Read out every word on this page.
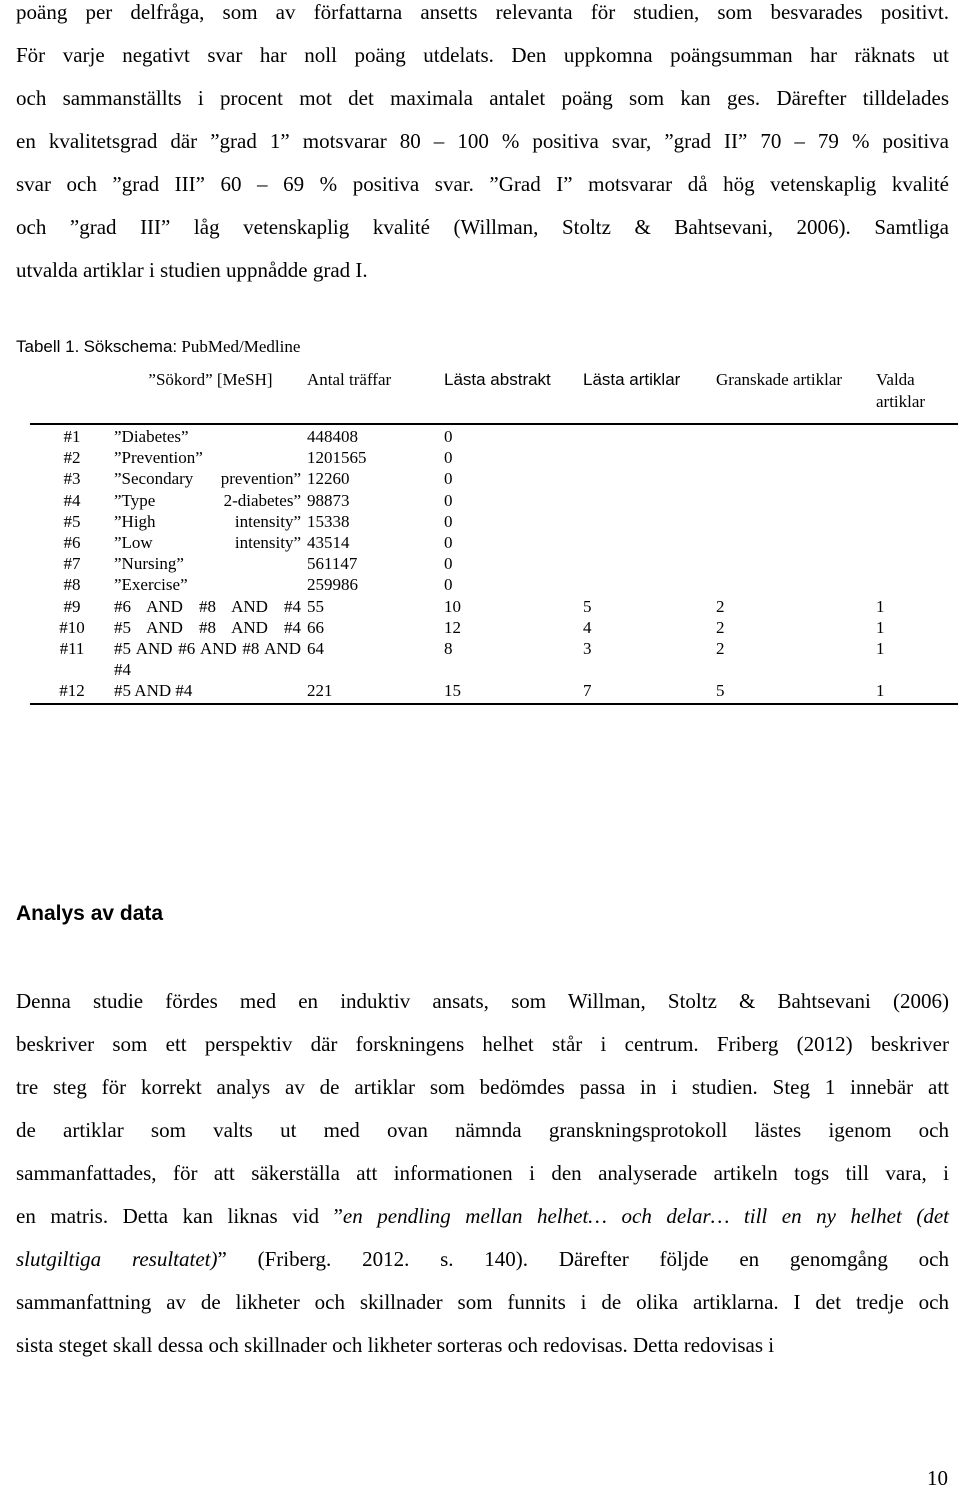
poäng per delfråga, som av författarna ansetts relevanta för studien, som besvarades positivt.
För varje negativt svar har noll poäng utdelats. Den uppkomna poängsumman har räknats ut
och sammanställts i procent mot det maximala antalet poäng som kan ges. Därefter tilldelades
en kvalitetsgrad där ”grad 1” motsvarar 80 – 100 % positiva svar, ”grad II” 70 – 79 % positiva
svar och ”grad III” 60 – 69 % positiva svar. ”Grad I” motsvarar då hög vetenskaplig kvalité
och ”grad III” låg vetenskaplig kvalité (Willman, Stoltz & Bahtsevani, 2006). Samtliga
utvalda artiklar i studien uppnådde grad I.
Tabell 1. Sökschema: PubMed/Medline
	”Sökord” [MeSH]	Antal träffar	Lästa abstrakt	Lästa artiklar	Granskade artiklar	Valda artiklar
#1	”Diabetes”	448408	0			
#2	”Prevention”	1201565	0			
#3	”Secondary prevention”	12260	0			
#4	”Type 2-diabetes”	98873	0			
#5	”High intensity”	15338	0			
#6	”Low intensity”	43514	0			
#7	”Nursing”	561147	0			
#8	”Exercise”	259986	0			
#9	#6 AND #8 AND #4	55	10	5	2	1
#10	#5 AND #8 AND #4	66	12	4	2	1
#11	#5 AND #6 AND #8 AND #4	64	8	3	2	1
#12	#5 AND #4	221	15	7	5	1
Analys av data
Denna studie fördes med en induktiv ansats, som Willman, Stoltz & Bahtsevani (2006)
beskriver som ett perspektiv där forskningens helhet står i centrum. Friberg (2012) beskriver
tre steg för korrekt analys av de artiklar som bedömdes passa in i studien. Steg 1 innebär att
de artiklar som valts ut med ovan nämnda granskningsprotokoll lästes igenom och
sammanfattades, för att säkerställa att informationen i den analyserade artikeln togs till vara, i
en matris. Detta kan liknas vid ”en pendling mellan helhet… och delar… till en ny helhet (det
slutgiltiga resultatet)” (Friberg. 2012. s. 140). Därefter följde en genomgång och
sammanfattning av de likheter och skillnader som funnits i de olika artiklarna. I det tredje och
sista steget skall dessa och skillnader och likheter sorteras och redovisas. Detta redovisas i
10
